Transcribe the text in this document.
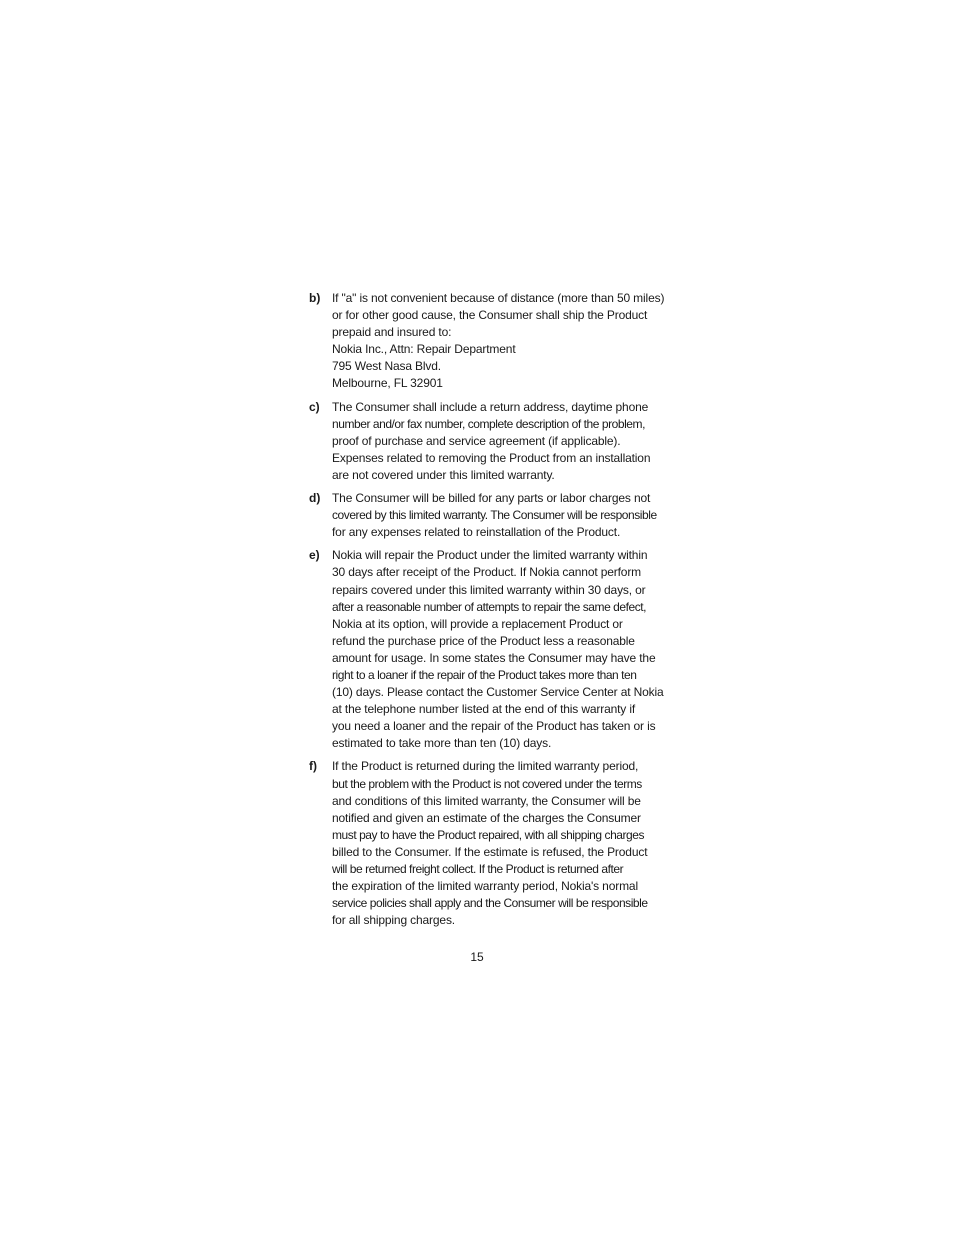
b) If "a" is not convenient because of distance (more than 50 miles)
or for other good cause, the Consumer shall ship the Product
prepaid and insured to:
Nokia Inc., Attn: Repair Department
795 West Nasa Blvd.
Melbourne, FL 32901
c) The Consumer shall include a return address, daytime phone
number and/or fax number, complete description of the problem,
proof of purchase and service agreement (if applicable).
Expenses related to removing the Product from an installation
are not covered under this limited warranty.
d) The Consumer will be billed for any parts or labor charges not
covered by this limited warranty. The Consumer will be responsible
for any expenses related to reinstallation of the Product.
e) Nokia will repair the Product under the limited warranty within
30 days after receipt of the Product. If Nokia cannot perform
repairs covered under this limited warranty within 30 days, or
after a reasonable number of attempts to repair the same defect,
Nokia at its option, will provide a replacement Product or
refund the purchase price of the Product less a reasonable
amount for usage. In some states the Consumer may have the
right to a loaner if the repair of the Product takes more than ten
(10) days. Please contact the Customer Service Center at Nokia
at the telephone number listed at the end of this warranty if
you need a loaner and the repair of the Product has taken or is
estimated to take more than ten (10) days.
f) If the Product is returned during the limited warranty period,
but the problem with the Product is not covered under the terms
and conditions of this limited warranty, the Consumer will be
notified and given an estimate of the charges the Consumer
must pay to have the Product repaired, with all shipping charges
billed to the Consumer. If the estimate is refused, the Product
will be returned freight collect. If the Product is returned after
the expiration of the limited warranty period, Nokia's normal
service policies shall apply and the Consumer will be responsible
for all shipping charges.
15
